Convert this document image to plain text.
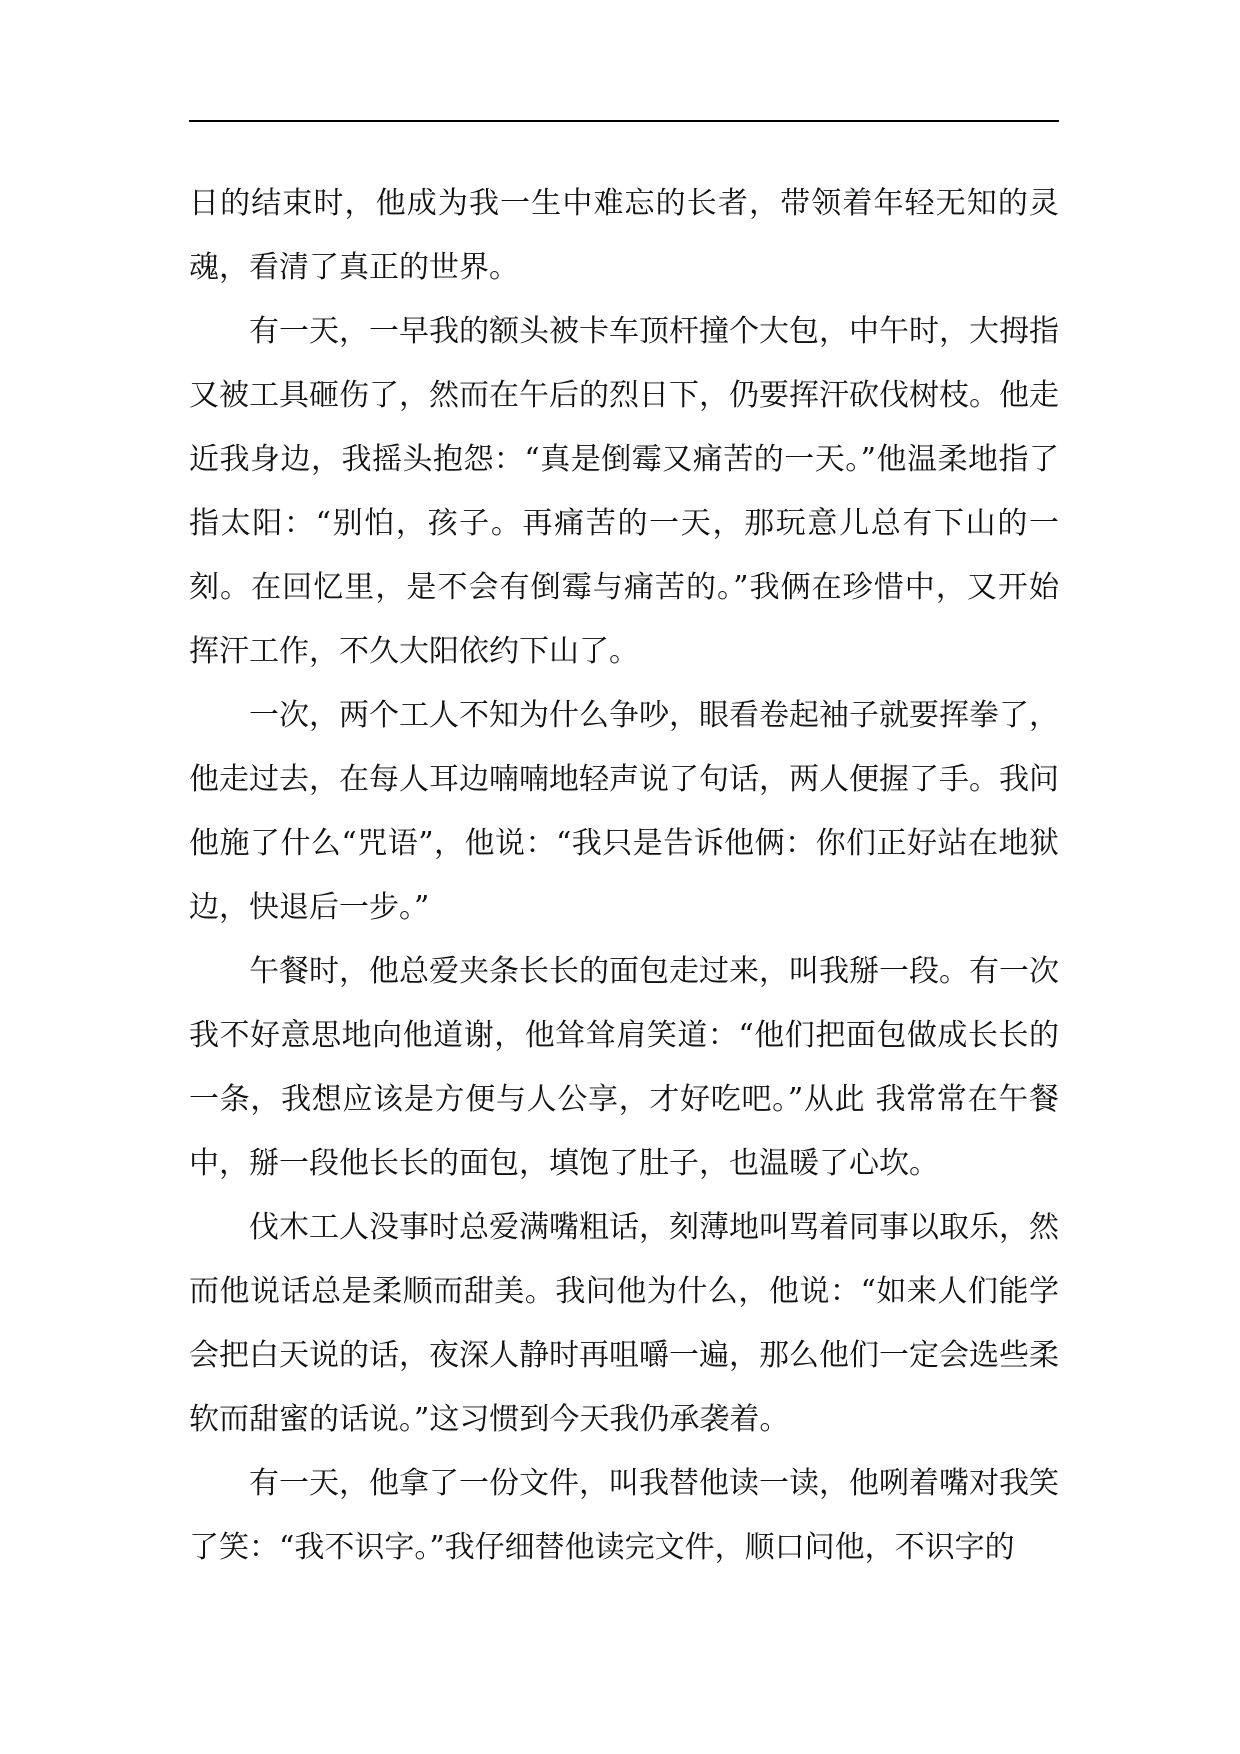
日的结束时，他成为我一生中难忘的长者，带领着年轻无知的灵魂，看清了真正的世界。

有一天，一早我的额头被卡车顶杆撞个大包，中午时，大拇指又被工具砸伤了，然而在午后的烈日下，仍要挥汗砍伐树枝。他走近我身边，我摇头抱怨：“真是倒霉又痛苦的一天。”他温柔地指了指太阳：“别怕，孩子。再痛苦的一天，那玩意儿总有下山的一刻。在回忆里，是不会有倒霉与痛苦的。”我俩在珍惜中，又开始挥汗工作，不久大阳依约下山了。

一次，两个工人不知为什么争吵，眼看卷起袖子就要挥拳了，他走过去，在每人耳边喃喃地轻声说了句话，两人便握了手。我问他施了什么“咒语”，他说：“我只是告诉他俩：你们正好站在地狱边，快退后一步。”

午餐时，他总爱夹条长长的面包走过来，叫我掰一段。有一次我不好意思地向他道谢，他耸耸肩笑道：“他们把面包做成长长的一条，我想应该是方便与人公享，才好吃吧。”从此 我常常在午餐中，掰一段他长长的面包，填饱了肚子，也温暖了心坎。

伐木工人没事时总爱满嘴粗话，刻薄地叫骂着同事以取乐，然而他说话总是柔顺而甜美。我问他为什么，他说：“如来人们能学会把白天说的话，夜深人静时再咀嚼一遍，那么他们一定会选些柔软而甜蜜的话说。”这习惯到今天我仍承袭着。

有一天，他拿了一份文件，叫我替他读一读，他咧着嘴对我笑了笑：“我不识字。”我仔细替他读完文件，顺口问他，不识字的
